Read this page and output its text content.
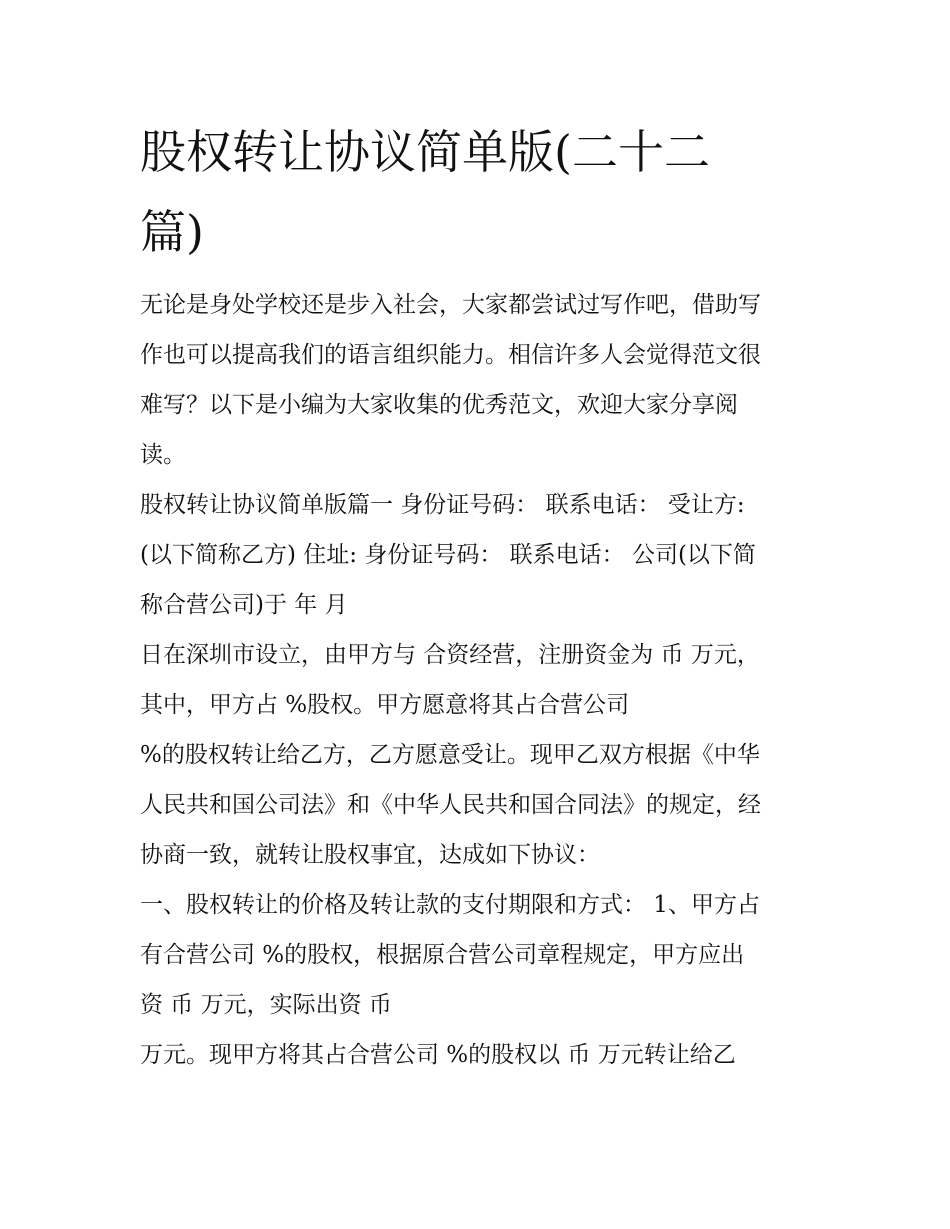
股权转让协议简单版(二十二
篇)

无论是身处学校还是步入社会，大家都尝试过写作吧，借助写
作也可以提高我们的语言组织能力。相信许多人会觉得范文很
难写？以下是小编为大家收集的优秀范文，欢迎大家分享阅
读。

股权转让协议简单版篇一 身份证号码： 联系电话： 受让方:
(以下简称乙方) 住址: 身份证号码： 联系电话： 公司(以下简
称合营公司)于 年 月

日在深圳市设立，由甲方与 合资经营，注册资金为 币 万元，
其中，甲方占 %股权。甲方愿意将其占合营公司

%的股权转让给乙方，乙方愿意受让。现甲乙双方根据《中华
人民共和国公司法》和《中华人民共和国合同法》的规定，经
协商一致，就转让股权事宜，达成如下协议：

一、股权转让的价格及转让款的支付期限和方式： 1、甲方占
有合营公司 %的股权，根据原合营公司章程规定，甲方应出
资 币 万元，实际出资 币

万元。现甲方将其占合营公司 %的股权以 币 万元转让给乙
